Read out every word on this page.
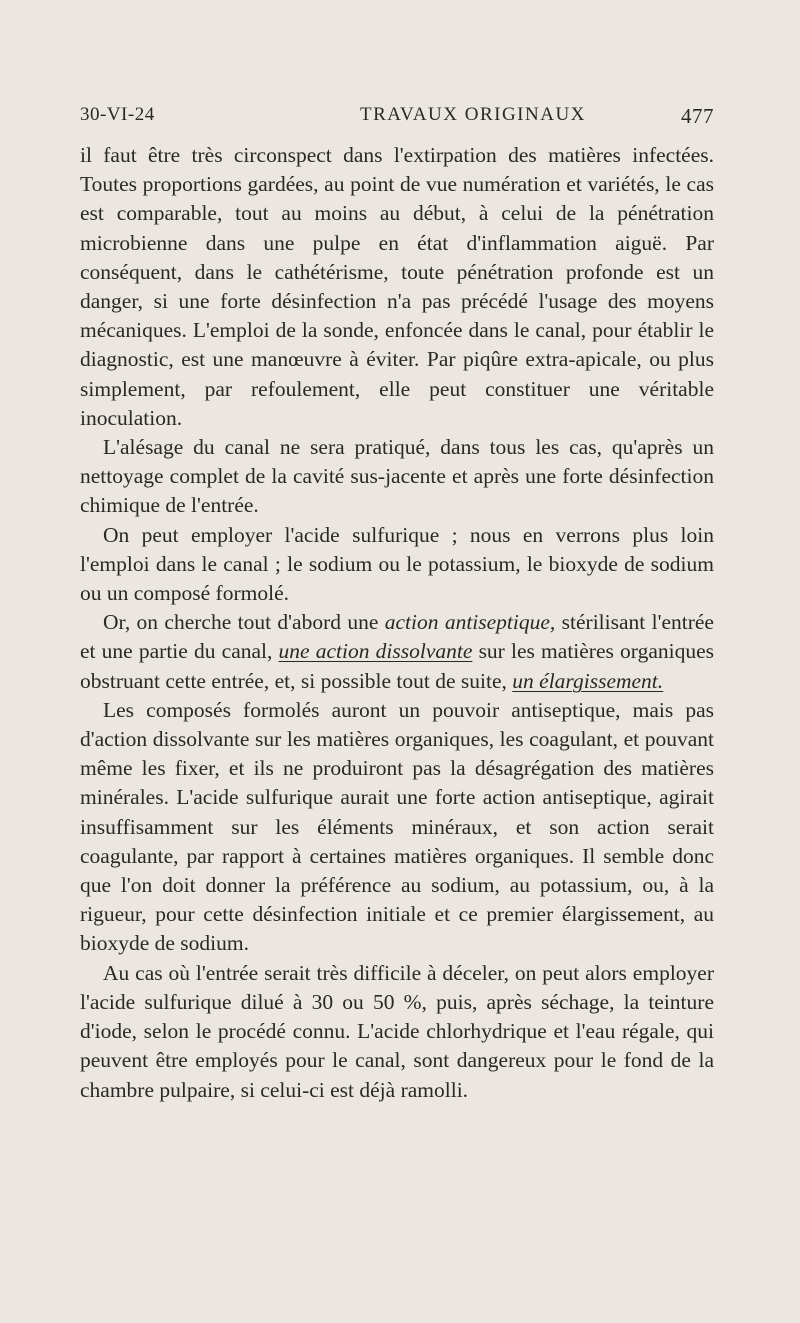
30-VI-24	TRAVAUX ORIGINAUX	477

il faut être très circonspect dans l'extirpation des matières infectées. Toutes proportions gardées, au point de vue numération et variétés, le cas est comparable, tout au moins au début, à celui de la pénétration microbienne dans une pulpe en état d'inflammation aiguë. Par conséquent, dans le cathétérisme, toute pénétration profonde est un danger, si une forte désinfection n'a pas précédé l'usage des moyens mécaniques. L'emploi de la sonde, enfoncée dans le canal, pour établir le diagnostic, est une manœuvre à éviter. Par piqûre extra-apicale, ou plus simplement, par refoulement, elle peut constituer une véritable inoculation.

L'alésage du canal ne sera pratiqué, dans tous les cas, qu'après un nettoyage complet de la cavité sus-jacente et après une forte désinfection chimique de l'entrée.

On peut employer l'acide sulfurique ; nous en verrons plus loin l'emploi dans le canal ; le sodium ou le potassium, le bioxyde de sodium ou un composé formolé.

Or, on cherche tout d'abord une action antiseptique, stérilisant l'entrée et une partie du canal, une action dissolvante sur les matières organiques obstruant cette entrée, et, si possible tout de suite, un élargissement.

Les composés formolés auront un pouvoir antiseptique, mais pas d'action dissolvante sur les matières organiques, les coagulant, et pouvant même les fixer, et ils ne produiront pas la désagrégation des matières minérales. L'acide sulfurique aurait une forte action antiseptique, agirait insuffisamment sur les éléments minéraux, et son action serait coagulante, par rapport à certaines matières organiques. Il semble donc que l'on doit donner la préférence au sodium, au potassium, ou, à la rigueur, pour cette désinfection initiale et ce premier élargissement, au bioxyde de sodium.

Au cas où l'entrée serait très difficile à déceler, on peut alors employer l'acide sulfurique dilué à 30 ou 50 %, puis, après séchage, la teinture d'iode, selon le procédé connu. L'acide chlorhydrique et l'eau régale, qui peuvent être employés pour le canal, sont dangereux pour le fond de la chambre pulpaire, si celui-ci est déjà ramolli.
